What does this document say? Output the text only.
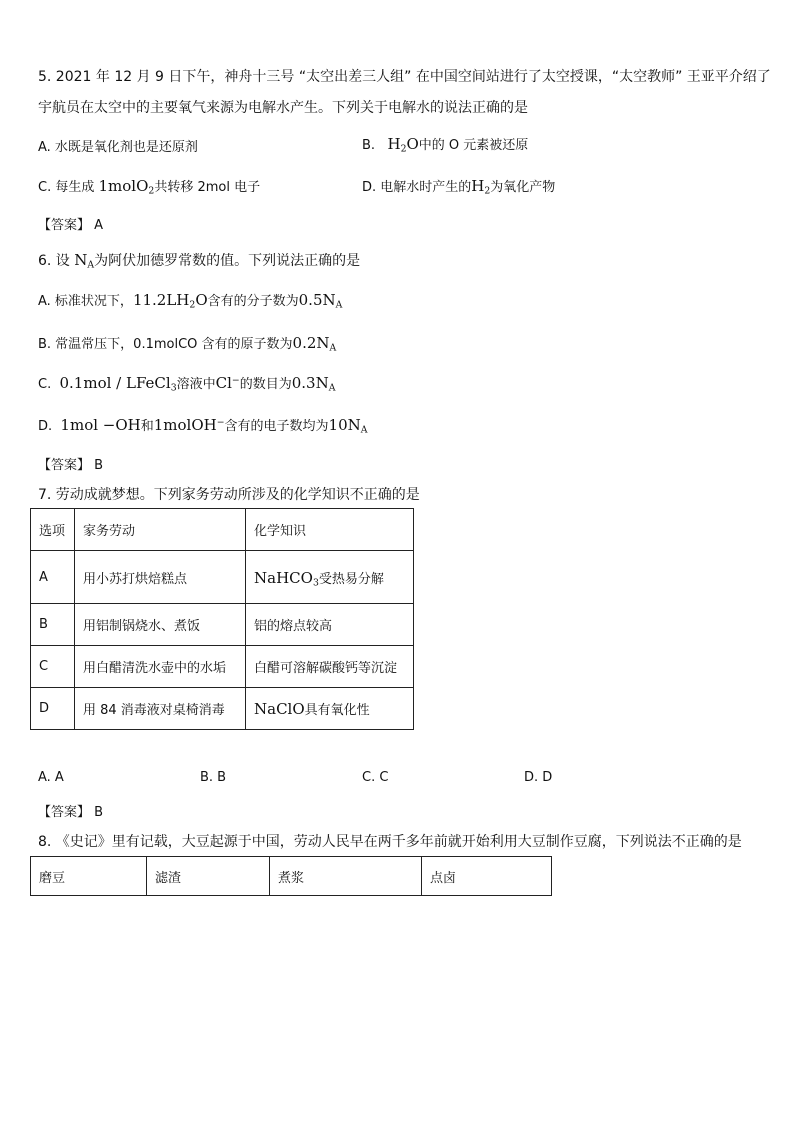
5. 2021 年 12 月 9 日下午，神舟十三号 “太空出差三人组” 在中国空间站进行了太空授课，“太空教师” 王亚平介绍了
宇航员在太空中的主要氧气来源为电解水产生。下列关于电解水的说法正确的是
A. 水既是氧化剂也是还原剂	B. $H_2O$中的 O 元素被还原
C. 每生成 1molO$_2$共转移 2mol 电子	D. 电解水时产生的$H_2$为氧化产物
【答案】 A
6. 设 $N_A$为阿伏加德罗常数的值。下列说法正确的是
A. 标准状况下，$11.2LH_2O$含有的分子数为$0.5N_A$
B. 常温常压下，0.1molCO 含有的原子数为$0.2N_A$
C. 0.1mol / LFeCl$_3$溶液中Cl−的数目为$0.3N_A$
D. 1mol −OH和1molOH−含有的电子数均为$10N_A$
【答案】 B
7. 劳动成就梦想。下列家务劳动所涉及的化学知识不正确的是
选项	家务劳动	化学知识
A	用小苏打烘焙糕点	NaHCO$_3$受热易分解
B	用铝制锅烧水、煮饭	铝的熔点较高
C	用白醋清洗水壶中的水垢	白醋可溶解碳酸钙等沉淀
D	用 84 消毒液对桌椅消毒	NaClO具有氧化性
A. A	B. B	C. C	D. D
【答案】 B
8. 《史记》里有记载，大豆起源于中国，劳动人民早在两千多年前就开始利用大豆制作豆腐，下列说法不正确的是
磨豆	滤渣	煮浆	点卤
